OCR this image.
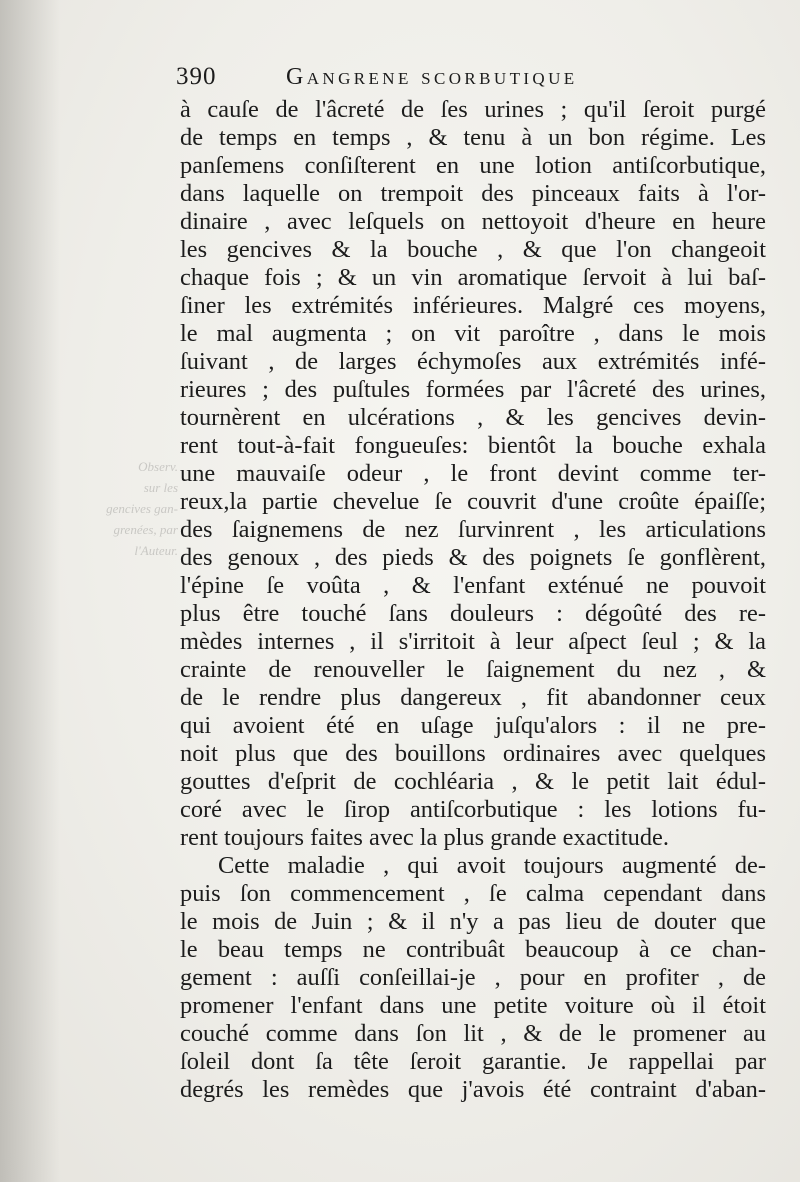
Observ.
sur les
gencives gan-
grenées, par
l'Auteur.
390	Gangrene scorbutique
à cauſe de l'âcreté de ſes urines ; qu'il ſeroit purgé
de temps en temps , & tenu à un bon régime. Les
panſemens conſiſterent en une lotion antiſcorbutique,
dans laquelle on trempoit des pinceaux faits à l'or-
dinaire , avec leſquels on nettoyoit d'heure en heure
les gencives & la bouche , & que l'on changeoit
chaque fois ; & un vin aromatique ſervoit à lui baſ-
ſiner les extrémités inférieures. Malgré ces moyens,
le mal augmenta ; on vit paroître , dans le mois
ſuivant , de larges échymoſes aux extrémités infé-
rieures ; des puſtules formées par l'âcreté des urines,
tournèrent en ulcérations , & les gencives devin-
rent tout-à-fait fongueuſes: bientôt la bouche exhala
une mauvaiſe odeur , le front devint comme ter-
reux,la partie chevelue ſe couvrit d'une croûte épaiſſe;
des ſaignemens de nez ſurvinrent , les articulations
des genoux , des pieds & des poignets ſe gonflèrent,
l'épine ſe voûta , & l'enfant exténué ne pouvoit
plus être touché ſans douleurs : dégoûté des re-
mèdes internes , il s'irritoit à leur aſpect ſeul ; & la
crainte de renouveller le ſaignement du nez , &
de le rendre plus dangereux , fit abandonner ceux
qui avoient été en uſage juſqu'alors : il ne pre-
noit plus que des bouillons ordinaires avec quelques
gouttes d'eſprit de cochléaria , & le petit lait édul-
coré avec le ſirop antiſcorbutique : les lotions fu-
rent toujours faites avec la plus grande exactitude.
Cette maladie , qui avoit toujours augmenté de-
puis ſon commencement , ſe calma cependant dans
le mois de Juin ; & il n'y a pas lieu de douter que
le beau temps ne contribuât beaucoup à ce chan-
gement : auſſi conſeillai-je , pour en profiter , de
promener l'enfant dans une petite voiture où il étoit
couché comme dans ſon lit , & de le promener au
ſoleil dont ſa tête ſeroit garantie. Je rappellai par
degrés les remèdes que j'avois été contraint d'aban-
